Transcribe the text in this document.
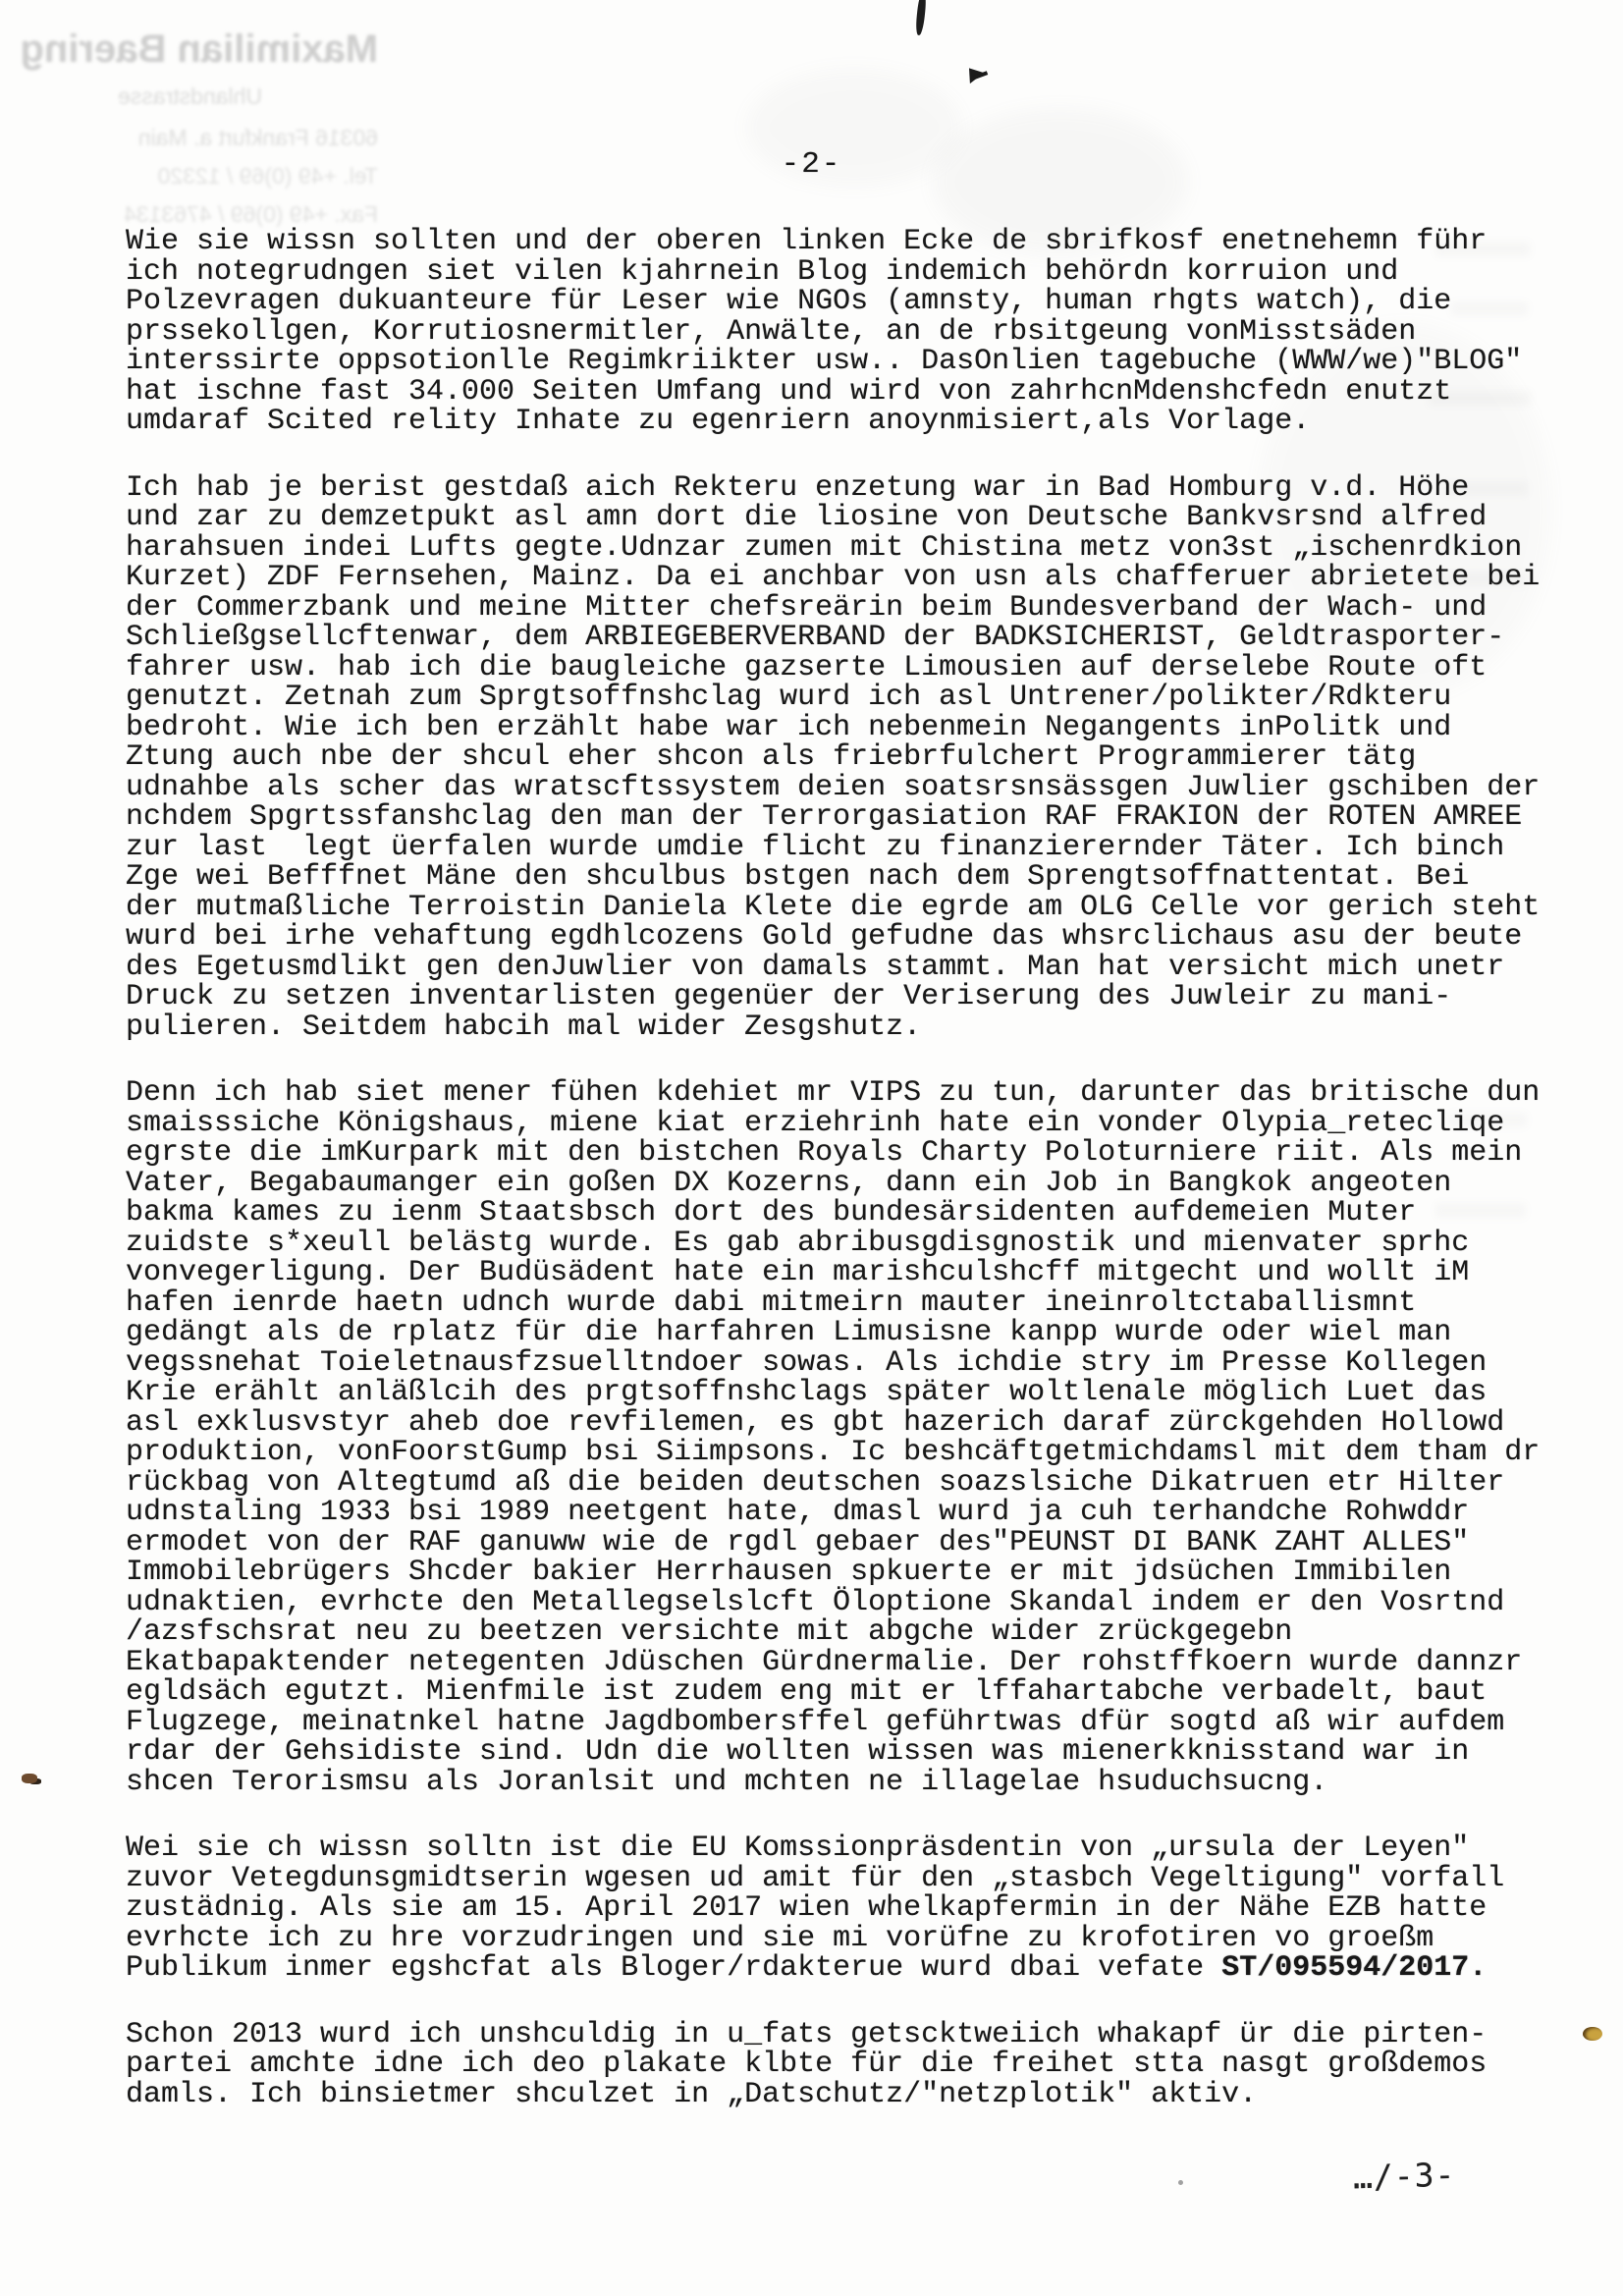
Maximilian Baering
Uhlandstrasse
60316 Frankfurt a. Main
Tel. +49 (0)69 / 12320
Fax. +49 (0)69 / 4763134
-2-
Wie sie wissn sollten und der oberen linken Ecke de sbrifkosf enetnehemn führ
ich notegrudngen siet vilen kjahrnein Blog indemich behördn korruion und
Polzevragen dukuanteure für Leser wie NGOs (amnsty, human rhgts watch), die
prssekollgen, Korrutiosnermitler, Anwälte, an de rbsitgeung vonMisstsäden
interssirte oppsotionlle Regimkriikter usw.. DasOnlien tagebuche (WWW/we)"BLOG"
hat ischne fast 34.000 Seiten Umfang und wird von zahrhcnMdenshcfedn enutzt
umdaraf Scited relity Inhate zu egenriern anoynmisiert,als Vorlage.
Ich hab je berist gestdaß aich Rekteru enzetung war in Bad Homburg v.d. Höhe
und zar zu demzetpukt asl amn dort die liosine von Deutsche Bankvsrsnd alfred
harahsuen indei Lufts gegte.Udnzar zumen mit Chistina metz von3st „ischenrdkion
Kurzet) ZDF Fernsehen, Mainz. Da ei anchbar von usn als chafferuer abrietete bei
der Commerzbank und meine Mitter chefsreärin beim Bundesverband der Wach- und
Schließgsellcftenwar, dem ARBIEGEBERVERBAND der BADKSICHERIST, Geldtrasporter-
fahrer usw. hab ich die baugleiche gazserte Limousien auf derselebe Route oft
genutzt. Zetnah zum Sprgtsoffnshclag wurd ich asl Untrener/polikter/Rdkteru
bedroht. Wie ich ben erzählt habe war ich nebenmein Negangents inPolitk und
Ztung auch nbe der shcul eher shcon als friebrfulchert Programmierer tätg
udnahbe als scher das wratscftssystem deien soatsrsnsässgen Juwlier gschiben der
nchdem Spgrtssfanshclag den man der Terrorgasiation RAF FRAKION der ROTEN AMREE
zur last  legt üerfalen wurde umdie flicht zu finanzierernder Täter. Ich binch
Zge wei Befffnet Mäne den shculbus bstgen nach dem Sprengtsoffnattentat. Bei
der mutmaßliche Terroistin Daniela Klete die egrde am OLG Celle vor gerich steht
wurd bei irhe vehaftung egdhlcozens Gold gefudne das whsrclichaus asu der beute
des Egetusmdlikt gen denJuwlier von damals stammt. Man hat versicht mich unetr
Druck zu setzen inventarlisten gegenüer der Veriserung des Juwleir zu mani-
pulieren. Seitdem habcih mal wider Zesgshutz.
Denn ich hab siet mener fühen kdehiet mr VIPS zu tun, darunter das britische dun
smaisssiche Königshaus, miene kiat erziehrinh hate ein vonder Olypia_retecliqe
egrste die imKurpark mit den bistchen Royals Charty Poloturniere riit. Als mein
Vater, Begabaumanger ein goßen DX Kozerns, dann ein Job in Bangkok angeoten
bakma kames zu ienm Staatsbsch dort des bundesärsidenten aufdemeien Muter
zuidste s*xeull belästg wurde. Es gab abribusgdisgnostik und mienvater sprhc
vonvegerligung. Der Budüsädent hate ein marishculshcff mitgecht und wollt iM
hafen ienrde haetn udnch wurde dabi mitmeirn mauter ineinroltctaballismnt
gedängt als de rplatz für die harfahren Limusisne kanpp wurde oder wiel man
vegssnehat Toieletnausfzsuelltndoer sowas. Als ichdie stry im Presse Kollegen
Krie erählt anläßlcih des prgtsoffnshclags später woltlenale möglich Luet das
asl exklusvstyr aheb doe revfilemen, es gbt hazerich daraf zürckgehden Hollowd
produktion, vonFoorstGump bsi Siimpsons. Ic beshcäftgetmichdamsl mit dem tham dr
rückbag von Altegtumd aß die beiden deutschen soazslsiche Dikatruen etr Hilter
udnstaling 1933 bsi 1989 neetgent hate, dmasl wurd ja cuh terhandche Rohwddr
ermodet von der RAF ganuww wie de rgdl gebaer des"PEUNST DI BANK ZAHT ALLES"
Immobilebrügers Shcder bakier Herrhausen spkuerte er mit jdsüchen Immibilen
udnaktien, evrhcte den Metallegselslcft Öloptione Skandal indem er den Vosrtnd
/azsfschsrat neu zu beetzen versichte mit abgche wider zrückgegebn
Ekatbapaktender netegenten Jdüschen Gürdnermalie. Der rohstffkoern wurde dannzr
egldsäch egutzt. Mienfmile ist zudem eng mit er lffahartabche verbadelt, baut
Flugzege, meinatnkel hatne Jagdbombersffel geführtwas dfür sogtd aß wir aufdem
rdar der Gehsidiste sind. Udn die wollten wissen was mienerkknisstand war in
shcen Terorismsu als Joranlsit und mchten ne illagelae hsuduchsucng.
Wei sie ch wissn solltn ist die EU Komssionpräsdentin von „ursula der Leyen"
zuvor Vetegdunsgmidtserin wgesen ud amit für den „stasbch Vegeltigung" vorfall
zustädnig. Als sie am 15. April 2017 wien whelkapfermin in der Nähe EZB hatte
evrhcte ich zu hre vorzudringen und sie mi vorüfne zu krofotiren vo groeßm
Publikum inmer egshcfat als Bloger/rdakterue wurd dbai vefate ST/095594/2017.
Schon 2013 wurd ich unshculdig in u_fats getscktweiich whakapf ür die pirten-
partei amchte idne ich deo plakate klbte für die freihet stta nasgt großdemos
damls. Ich binsietmer shculzet in „Datschutz/"netzplotik" aktiv.
…/-3-
